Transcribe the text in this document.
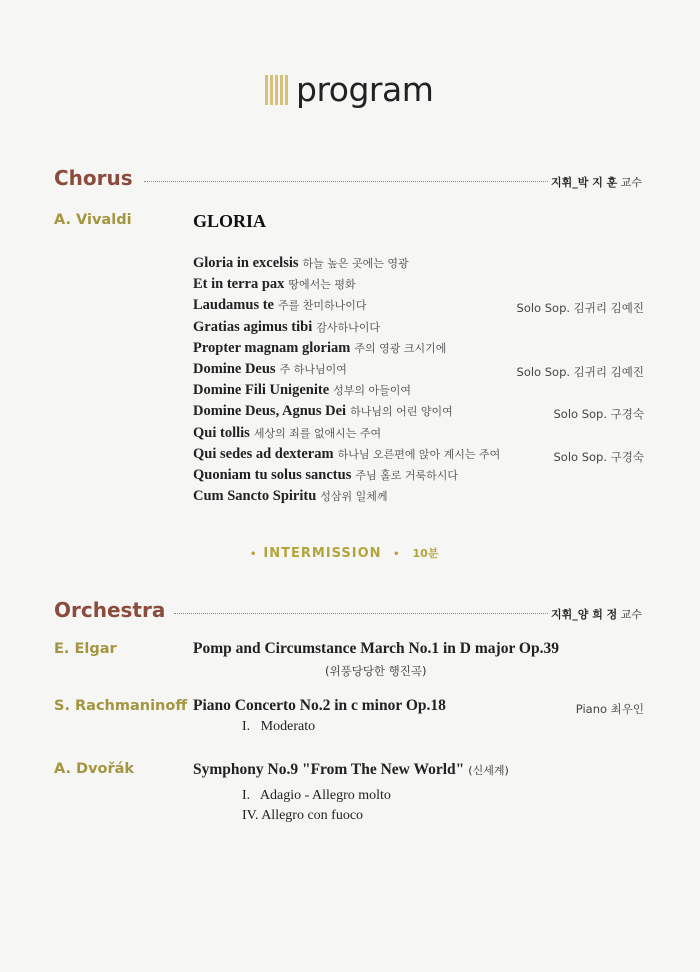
program
Chorus	지휘_박 지 훈 교수
A. Vivaldi	GLORIA
Gloria in excelsis 하늘 높은 곳에는 영광
Et in terra pax 땅에서는 평화
Laudamus te 주를 찬미하나이다	Solo Sop. 김귀리 김예진
Gratias agimus tibi 감사하나이다
Propter magnam gloriam 주의 영광 크시기에
Domine Deus 주 하나님이여	Solo Sop. 김귀리 김예진
Domine Fili Unigenite 성부의 아들이여
Domine Deus, Agnus Dei 하나님의 어린 양이여	Solo Sop. 구경숙
Qui tollis 세상의 죄를 없애시는 주여
Qui sedes ad dexteram 하나님 오른편에 앉아 계시는 주여	Solo Sop. 구경숙
Quoniam tu solus sanctus 주님 홀로 거룩하시다
Cum Sancto Spiritu 성삼위 일체께
• INTERMISSION • 10분
Orchestra	지휘_양 희 정 교수
E. Elgar	Pomp and Circumstance March No.1 in D major Op.39
(위풍당당한 행진곡)
S. Rachmaninoff Piano Concerto No.2 in c minor Op.18	Piano 최우인
I.   Moderato
A. Dvořák	Symphony No.9 "From The New World" (신세계)
I.   Adagio - Allegro molto
IV. Allegro con fuoco
